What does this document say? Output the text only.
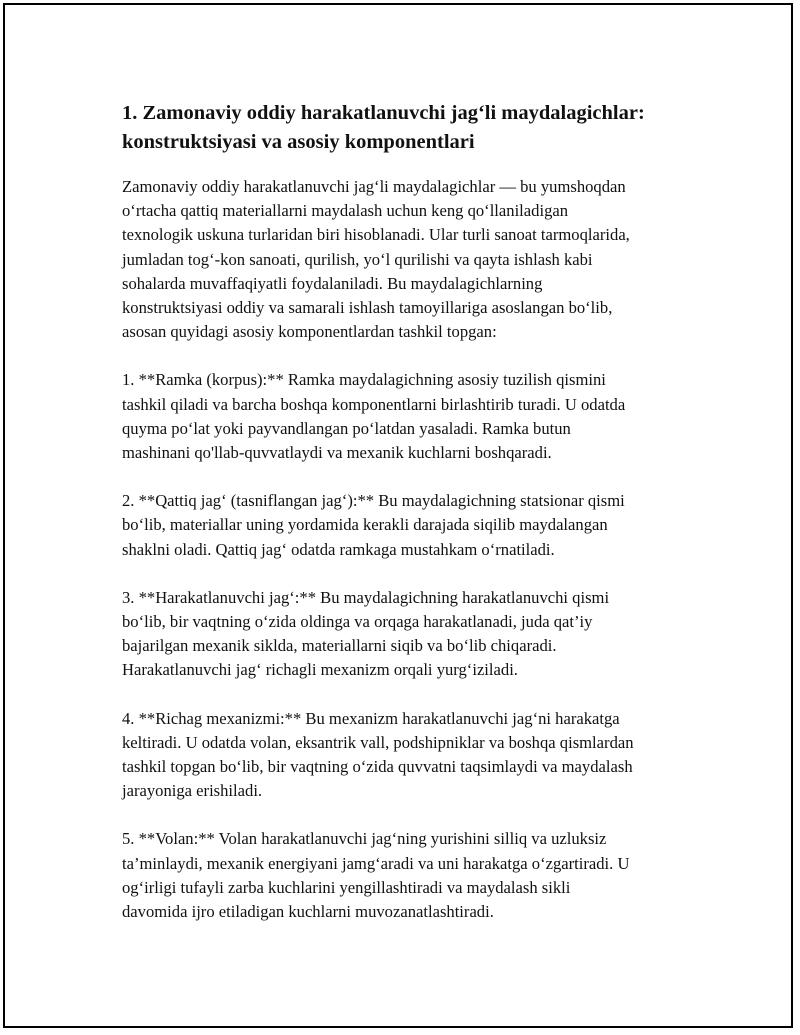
1. Zamonaviy oddiy harakatlanuvchi jag‘li maydalagichlar: konstruktsiyasi va asosiy komponentlari

Zamonaviy oddiy harakatlanuvchi jag‘li maydalagichlar — bu yumshoqdan
o‘rtacha qattiq materiallarni maydalash uchun keng qo‘llaniladigan
texnologik uskuna turlaridan biri hisoblanadi. Ular turli sanoat tarmoqlarida,
jumladan tog‘-kon sanoati, qurilish, yo‘l qurilishi va qayta ishlash kabi
sohalarda muvaffaqiyatli foydalaniladi. Bu maydalagichlarning
konstruktsiyasi oddiy va samarali ishlash tamoyillariga asoslangan bo‘lib,
asosan quyidagi asosiy komponentlardan tashkil topgan:

1. **Ramka (korpus):** Ramka maydalagichning asosiy tuzilish qismini
tashkil qiladi va barcha boshqa komponentlarni birlashtirib turadi. U odatda
quyma po‘lat yoki payvandlangan po‘latdan yasaladi. Ramka butun
mashinani qo'llab-quvvatlaydi va mexanik kuchlarni boshqaradi.

2. **Qattiq jag‘ (tasniflangan jag‘):** Bu maydalagichning statsionar qismi
bo‘lib, materiallar uning yordamida kerakli darajada siqilib maydalangan
shaklni oladi. Qattiq jag‘ odatda ramkaga mustahkam o‘rnatiladi.

3. **Harakatlanuvchi jag‘:** Bu maydalagichning harakatlanuvchi qismi
bo‘lib, bir vaqtning o‘zida oldinga va orqaga harakatlanadi, juda qat’iy
bajarilgan mexanik siklda, materiallarni siqib va bo‘lib chiqaradi.
Harakatlanuvchi jag‘ richagli mexanizm orqali yurg‘iziladi.

4. **Richag mexanizmi:** Bu mexanizm harakatlanuvchi jag‘ni harakatga
keltiradi. U odatda volan, eksantrik vall, podshipniklar va boshqa qismlardan
tashkil topgan bo‘lib, bir vaqtning o‘zida quvvatni taqsimlaydi va maydalash
jarayoniga erishiladi.

5. **Volan:** Volan harakatlanuvchi jag‘ning yurishini silliq va uzluksiz
ta’minlaydi, mexanik energiyani jamg‘aradi va uni harakatga o‘zgartiradi. U
og‘irligi tufayli zarba kuchlarini yengillashtiradi va maydalash sikli
davomida ijro etiladigan kuchlarni muvozanatlashtiradi.
